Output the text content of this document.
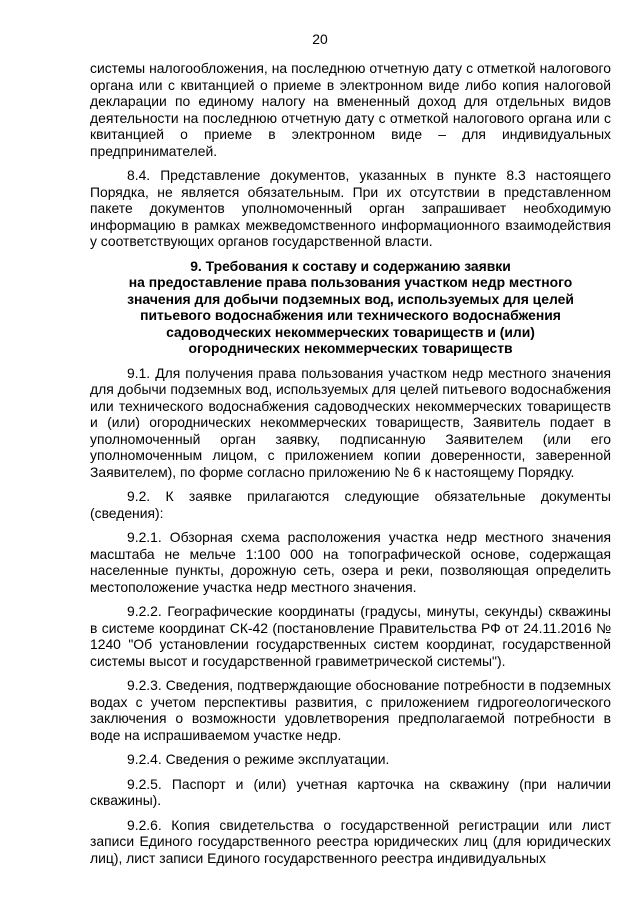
20

системы налогообложения, на последнюю отчетную дату с отметкой налогового органа или с квитанцией о приеме в электронном виде либо копия налоговой декларации по единому налогу на вмененный доход для отдельных видов деятельности на последнюю отчетную дату с отметкой налогового органа или с квитанцией о приеме в электронном виде – для индивидуальных предпринимателей.

8.4. Представление документов, указанных в пункте 8.3 настоящего Порядка, не является обязательным. При их отсутствии в представленном пакете документов уполномоченный орган запрашивает необходимую информацию в рамках межведомственного информационного взаимодействия у соответствующих органов государственной власти.

9. Требования к составу и содержанию заявки
на предоставление права пользования участком недр местного
значения для добычи подземных вод, используемых для целей
питьевого водоснабжения или технического водоснабжения
садоводческих некоммерческих товариществ и (или)
огороднических некоммерческих товариществ

9.1. Для получения права пользования участком недр местного значения для добычи подземных вод, используемых для целей питьевого водоснабжения или технического водоснабжения садоводческих некоммерческих товариществ и (или) огороднических некоммерческих товариществ, Заявитель подает в уполномоченный орган заявку, подписанную Заявителем (или его уполномоченным лицом, с приложением копии доверенности, заверенной Заявителем), по форме согласно приложению № 6 к настоящему Порядку.

9.2. К заявке прилагаются следующие обязательные документы (сведения):

9.2.1. Обзорная схема расположения участка недр местного значения масштаба не мельче 1:100 000 на топографической основе, содержащая населенные пункты, дорожную сеть, озера и реки, позволяющая определить местоположение участка недр местного значения.

9.2.2. Географические координаты (градусы, минуты, секунды) скважины в системе координат СК-42 (постановление Правительства РФ от 24.11.2016 № 1240 "Об установлении государственных систем координат, государственной системы высот и государственной гравиметрической системы").

9.2.3. Сведения, подтверждающие обоснование потребности в подземных водах с учетом перспективы развития, с приложением гидрогеологического заключения о возможности удовлетворения предполагаемой потребности в воде на испрашиваемом участке недр.

9.2.4. Сведения о режиме эксплуатации.

9.2.5. Паспорт и (или) учетная карточка на скважину (при наличии скважины).

9.2.6. Копия свидетельства о государственной регистрации или лист записи Единого государственного реестра юридических лиц (для юридических лиц), лист записи Единого государственного реестра индивидуальных
